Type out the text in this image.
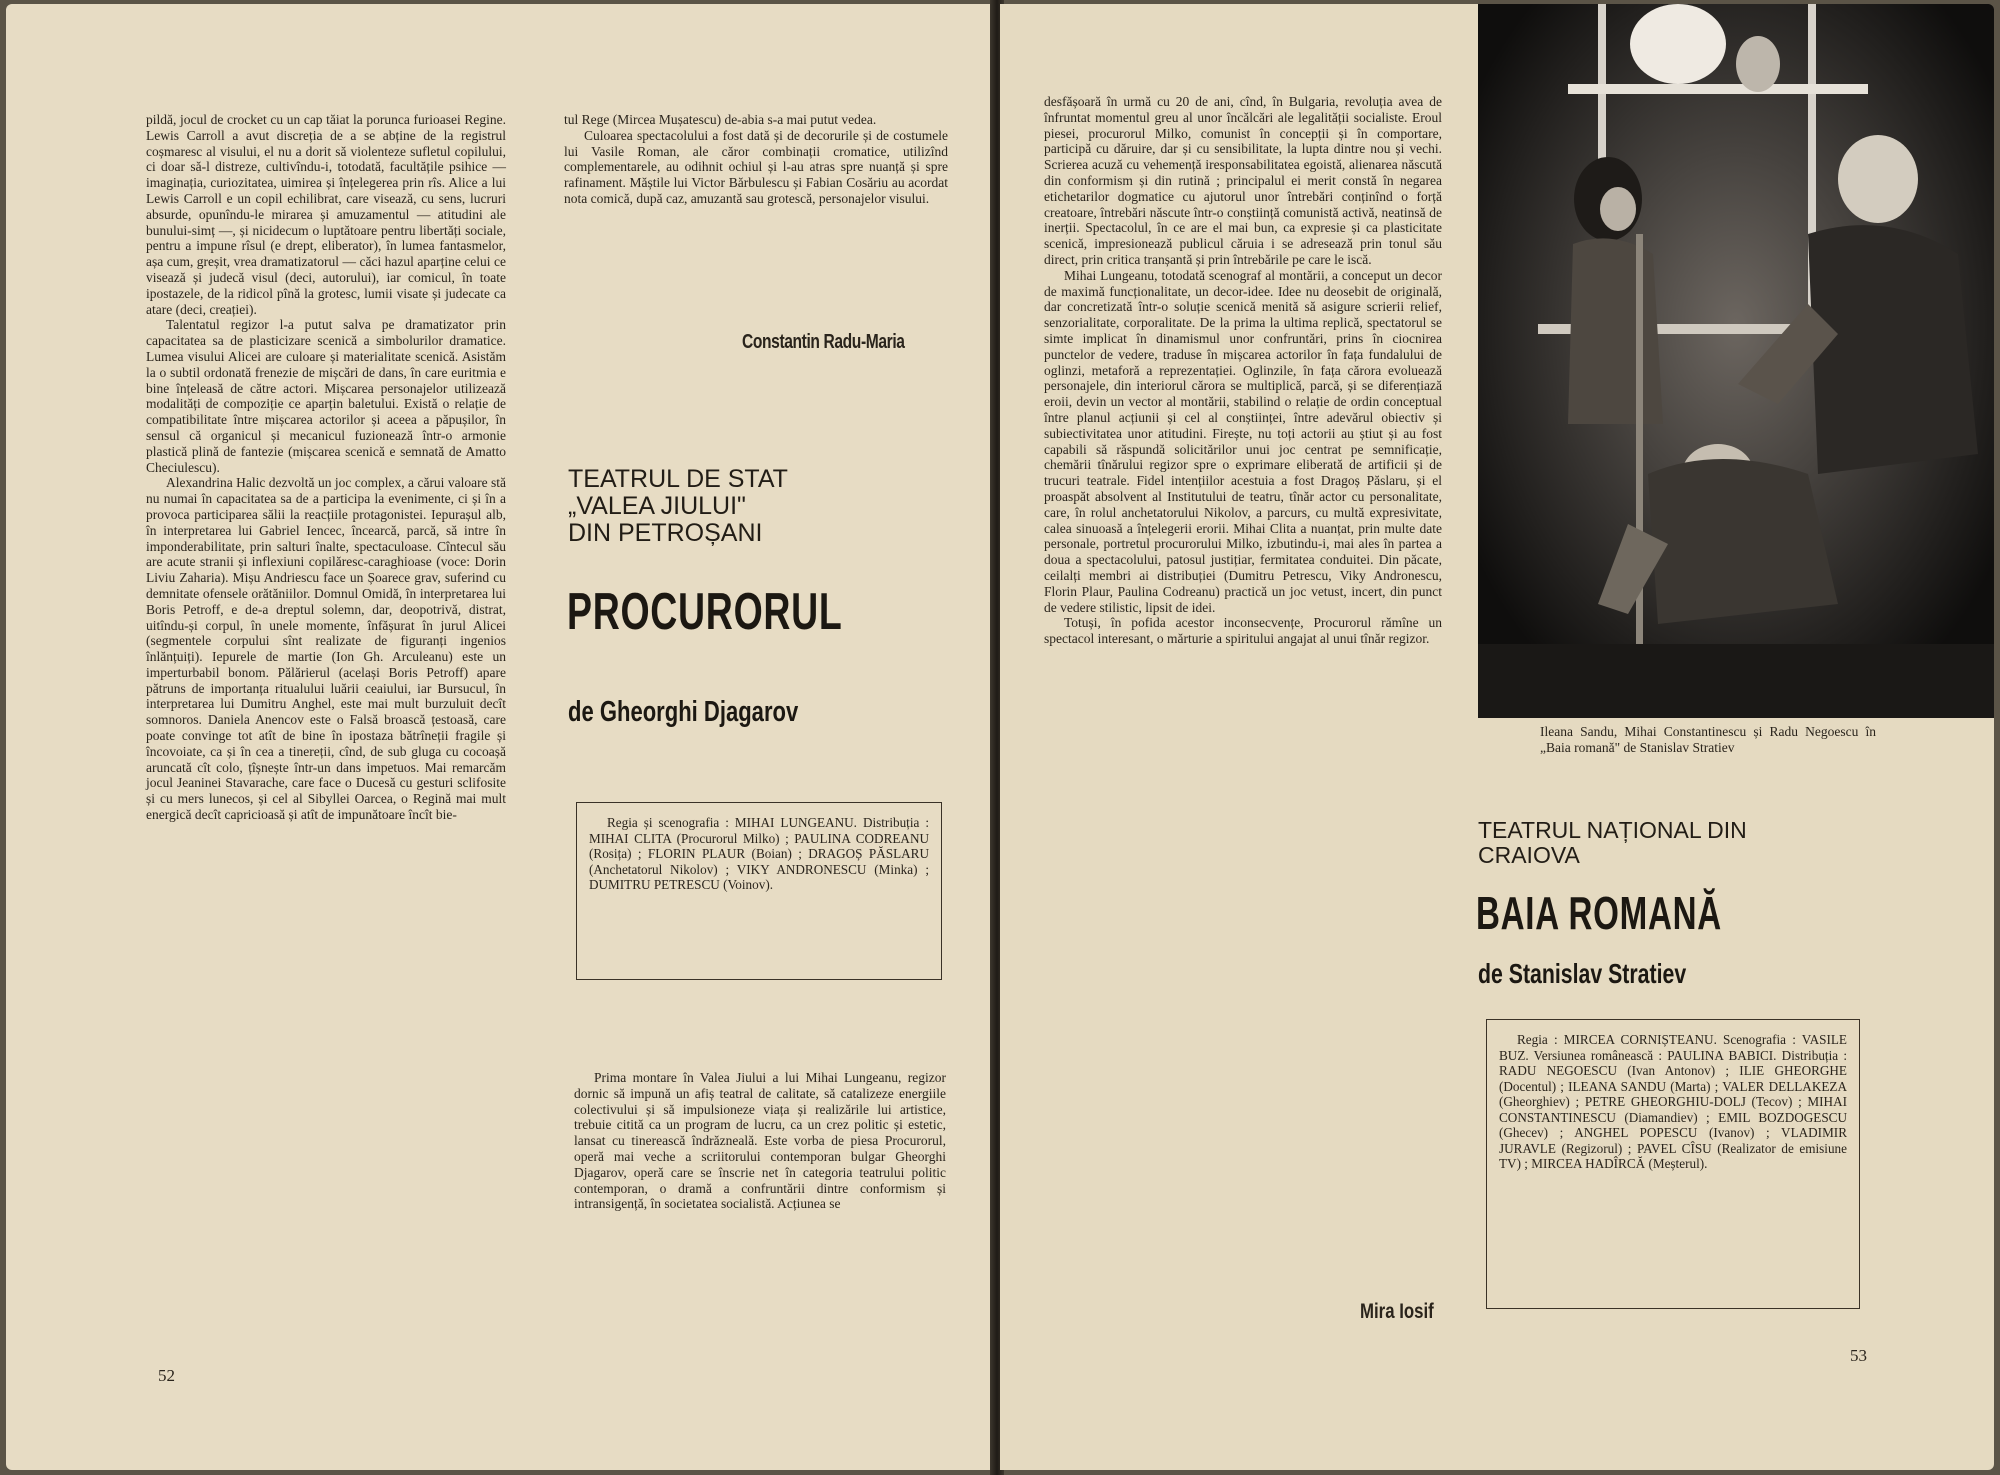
pildă, jocul de crocket cu un cap tăiat la porunca furioasei Regine. Lewis Carroll a avut discreția de a se abține de la registrul coșmaresc al visului, el nu a dorit să violenteze sufletul copilului, ci doar să-l distreze, cultivîndu-i, totodată, facultățile psihice — imaginația, curiozitatea, uimirea și înțelegerea prin rîs. Alice a lui Lewis Carroll e un copil echilibrat, care visează, cu sens, lucruri absurde, opunîndu-le mirarea și amuzamentul — atitudini ale bunului-simț —, și nicidecum o luptătoare pentru libertăți sociale, pentru a impune rîsul (e drept, eliberator), în lumea fantasmelor, așa cum, greșit, vrea dramatizatorul — căci hazul aparține celui ce visează și judecă visul (deci, autorului), iar comicul, în toate ipostazele, de la ridicol pînă la grotesc, lumii visate și judecate ca atare (deci, creației).

Talentatul regizor l-a putut salva pe dramatizator prin capacitatea sa de plasticizare scenică a simbolurilor dramatice. Lumea visului Alicei are culoare și materialitate scenică. Asistăm la o subtil ordonată frenezie de mișcări de dans, în care euritmia e bine înțeleasă de către actori. Mișcarea personajelor utilizează modalități de compoziție ce aparțin baletului. Există o relație de compatibilitate între mișcarea actorilor și aceea a păpușilor, în sensul că organicul și mecanicul fuzionează într-o armonie plastică plină de fantezie (mișcarea scenică e semnată de Amatto Checiulescu).

Alexandrina Halic dezvoltă un joc complex, a cărui valoare stă nu numai în capacitatea sa de a participa la evenimente, ci și în a provoca participarea sălii la reacțiile protagonistei. Iepurașul alb, în interpretarea lui Gabriel Iencec, încearcă, parcă, să intre în imponderabilitate, prin salturi înalte, spectaculoase. Cîntecul său are acute stranii și inflexiuni copilăresc-caraghioase (voce: Dorin Liviu Zaharia). Mișu Andriescu face un Șoarece grav, suferind cu demnitate ofensele orătăniilor. Domnul Omidă, în interpretarea lui Boris Petroff, e de-a dreptul solemn, dar, deopotrivă, distrat, uitîndu-și corpul, în unele momente, înfășurat în jurul Alicei (segmentele corpului sînt realizate de figuranți ingenios înlănțuiți). Iepurele de martie (Ion Gh. Arculeanu) este un imperturbabil bonom. Pălărierul (același Boris Petroff) apare pătruns de importanța ritualului luării ceaiului, iar Bursucul, în interpretarea lui Dumitru Anghel, este mai mult burzuluit decît somnoros. Daniela Anencov este o Falsă broască țestoasă, care poate convinge tot atît de bine în ipostaza bătrîneții fragile și încovoiate, ca și în cea a tinereții, cînd, de sub gluga cu cocoașă aruncată cît colo, țîșnește într-un dans impetuos. Mai remarcăm jocul Jeaninei Stavarache, care face o Ducesă cu gesturi sclifosite și cu mers lunecos, și cel al Sibyllei Oarcea, o Regină mai mult energică decît capricioasă și atît de impunătoare încît bie-

tul Rege (Mircea Mușatescu) de-abia s-a mai putut vedea.

Culoarea spectacolului a fost dată și de decorurile și de costumele lui Vasile Roman, ale căror combinații cromatice, utilizînd complementarele, au odihnit ochiul și l-au atras spre nuanță și spre rafinament. Măștile lui Victor Bărbulescu și Fabian Cosăriu au acordat nota comică, după caz, amuzantă sau grotescă, personajelor visului.

Constantin Radu-Maria
TEATRUL DE STAT
„VALEA JIULUI"
DIN PETROȘANI
PROCURORUL
de Gheorghi Djagarov

Regia și scenografia : MIHAI LUNGEANU. Distribuția : MIHAI CLITA (Procurorul Milko) ; PAULINA CODREANU (Rosița) ; FLORIN PLAUR (Boian) ; DRAGOȘ PĂSLARU (Anchetatorul Nikolov) ; VIKY ANDRONESCU (Minka) ; DUMITRU PETRESCU (Voinov).

Prima montare în Valea Jiului a lui Mihai Lungeanu, regizor dornic să impună un afiș teatral de calitate, să catalizeze energiile colectivului și să impulsioneze viața și realizările lui artistice, trebuie citită ca un program de lucru, ca un crez politic și estetic, lansat cu tinerească îndrăzneală. Este vorba de piesa Procurorul, operă mai veche a scriitorului contemporan bulgar Gheorghi Djagarov, operă care se înscrie net în categoria teatrului politic contemporan, o dramă a confruntării dintre conformism și intransigență, în societatea socialistă. Acțiunea se

52

desfășoară în urmă cu 20 de ani, cînd, în Bulgaria, revoluția avea de înfruntat momentul greu al unor încălcări ale legalității socialiste. Eroul piesei, procurorul Milko, comunist în concepții și în comportare, participă cu dăruire, dar și cu sensibilitate, la lupta dintre nou și vechi. Scrierea acuză cu vehemență iresponsabilitatea egoistă, alienarea născută din conformism și din rutină ; principalul ei merit constă în negarea etichetarilor dogmatice cu ajutorul unor întrebări conținînd o forță creatoare, întrebări născute într-o conștiință comunistă activă, neatinsă de inerții. Spectacolul, în ce are el mai bun, ca expresie și ca plasticitate scenică, impresionează publicul căruia i se adresează prin tonul său direct, prin critica tranșantă și prin întrebările pe care le iscă.

Mihai Lungeanu, totodată scenograf al montării, a conceput un decor de maximă funcționalitate, un decor-idee. Idee nu deosebit de originală, dar concretizată într-o soluție scenică menită să asigure scrierii relief, senzorialitate, corporalitate. De la prima la ultima replică, spectatorul se simte implicat în dinamismul unor confruntări, prins în ciocnirea punctelor de vedere, traduse în mișcarea actorilor în fața fundalului de oglinzi, metaforă a reprezentației. Oglinzile, în fața cărora evoluează personajele, din interiorul cărora se multiplică, parcă, și se diferențiază eroii, devin un vector al montării, stabilind o relație de ordin conceptual între planul acțiunii și cel al conștiinței, între adevărul obiectiv și subiectivitatea unor atitudini. Firește, nu toți actorii au știut și au fost capabili să răspundă solicitărilor unui joc centrat pe semnificație, chemării tînărului regizor spre o exprimare eliberată de artificii și de trucuri teatrale. Fidel intențiilor acestuia a fost Dragoș Păslaru, și el proaspăt absolvent al Institutului de teatru, tînăr actor cu personalitate, care, în rolul anchetatorului Nikolov, a parcurs, cu multă expresivitate, calea sinuoasă a înțelegerii erorii. Mihai Clita a nuanțat, prin multe date personale, portretul procurorului Milko, izbutindu-i, mai ales în partea a doua a spectacolului, patosul justițiar, fermitatea conduitei. Din păcate, ceilalți membri ai distribuției (Dumitru Petrescu, Viky Andronescu, Florin Plaur, Paulina Codreanu) practică un joc vetust, incert, din punct de vedere stilistic, lipsit de idei.

Totuși, în pofida acestor inconsecvențe, Procurorul rămîne un spectacol interesant, o mărturie a spiritului angajat al unui tînăr regizor.

Mira Iosif
Ileana Sandu, Mihai Constantinescu și Radu Negoescu în „Baia romană" de Stanislav Stratiev
TEATRUL NAȚIONAL DIN
CRAIOVA
BAIA ROMANĂ
de Stanislav Stratiev

Regia : MIRCEA CORNIȘTEANU. Scenografia : VASILE BUZ. Versiunea românească : PAULINA BABICI. Distribuția : RADU NEGOESCU (Ivan Antonov) ; ILIE GHEORGHE (Docentul) ; ILEANA SANDU (Marta) ; VALER DELLAKEZA (Gheorghiev) ; PETRE GHEORGHIU-DOLJ (Tecov) ; MIHAI CONSTANTINESCU (Diamandiev) ; EMIL BOZDOGESCU (Ghecev) ; ANGHEL POPESCU (Ivanov) ; VLADIMIR JURAVLE (Regizorul) ; PAVEL CÎSU (Realizator de emisiune TV) ; MIRCEA HADÎRCĂ (Meșterul).

53
